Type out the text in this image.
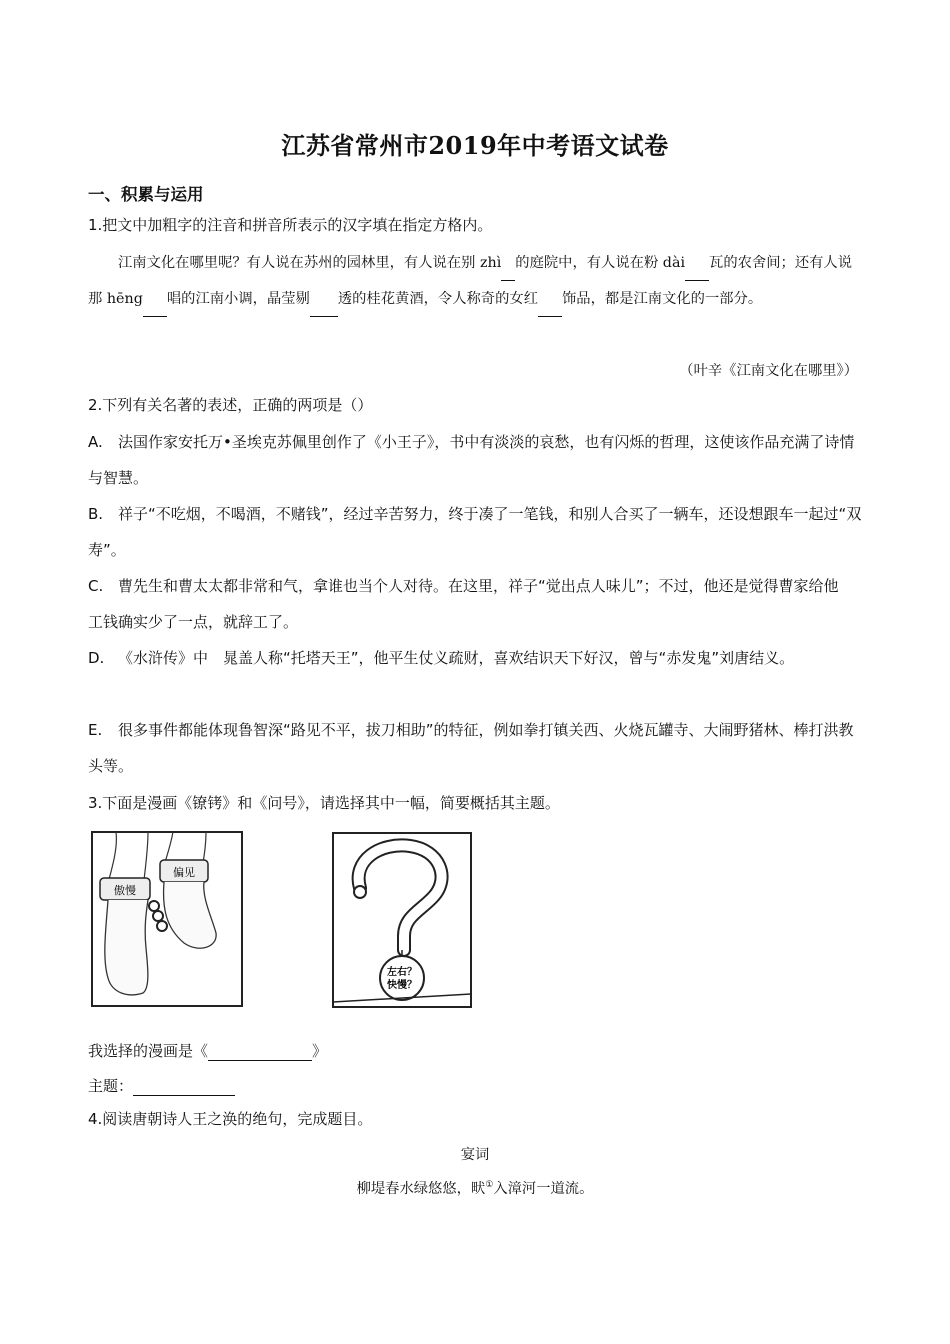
江苏省常州市2019年中考语文试卷
一、积累与运用
1.把文中加粗字的注音和拼音所表示的汉字填在指定方格内。
江南文化在哪里呢？有人说在苏州的园林里，有人说在别 zhì 的庭院中，有人说在粉 dài 瓦的农舍间；还有人说那 hēng 唱的江南小调，晶莹剔 透的桂花黄酒，令人称奇的女红 饰品，都是江南文化的一部分。
（叶辛《江南文化在哪里》）
2.下列有关名著的表述，正确的两项是（）
A. 法国作家安托万•圣埃克苏佩里创作了《小王子》，书中有淡淡的哀愁，也有闪烁的哲理，这使该作品充满了诗情与智慧。
B. 祥子“不吃烟，不喝酒，不赌钱”，经过辛苦努力，终于凑了一笔钱，和别人合买了一辆车，还设想跟车一起过“双寿”。
C. 曹先生和曹太太都非常和气，拿谁也当个人对待。在这里，祥子“觉出点人味儿”；不过，他还是觉得曹家给他　工钱确实少了一点，就辞工了。
D. 《水浒传》中　晁盖人称“托塔天王”，他平生仗义疏财，喜欢结识天下好汉，曾与“赤发鬼”刘唐结义。
E. 很多事件都能体现鲁智深“路见不平，拔刀相助”的特征，例如拳打镇关西、火烧瓦罐寺、大闹野猪林、棒打洪教头等。
3.下面是漫画《镣铐》和《问号》，请选择其中一幅，简要概括其主题。
傲慢
偏见
左右？
快慢？
我选择的漫画是《	》
主题：
4.阅读唐朝诗人王之涣的绝句，完成题目。
宴词
柳堤春水绿悠悠，畎①入漳河一道流。
